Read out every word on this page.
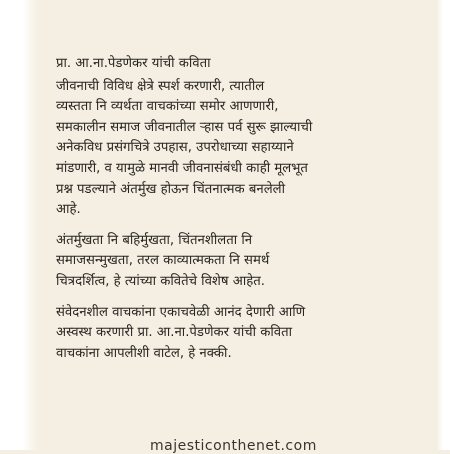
प्रा. आ.ना.पेडणेकर यांची कविता

जीवनाची विविध क्षेत्रे स्पर्श करणारी, त्यातील
व्यस्तता नि व्यर्थता वाचकांच्या समोर आणणारी,
समकालीन समाज जीवनातील ऱ्हास पर्व सुरू झाल्याची
अनेकविध प्रसंगचित्रे उपहास, उपरोधाच्या सहाय्याने
मांडणारी, व यामुळे मानवी जीवनासंबंधी काही मूलभूत
प्रश्न पडल्याने अंतर्मुख होऊन चिंतनात्मक बनलेली
आहे.

अंतर्मुखता नि बहिर्मुखता, चिंतनशीलता नि
समाजसन्मुखता, तरल काव्यात्मकता नि समर्थ
चित्रदर्शित्व, हे त्यांच्या कवितेचे विशेष आहेत.

संवेदनशील वाचकांना एकाचवेळी आनंद देणारी आणि
अस्वस्थ करणारी प्रा. आ.ना.पेडणेकर यांची कविता
वाचकांना आपलीशी वाटेल, हे नक्की.

majesticonthenet.com
